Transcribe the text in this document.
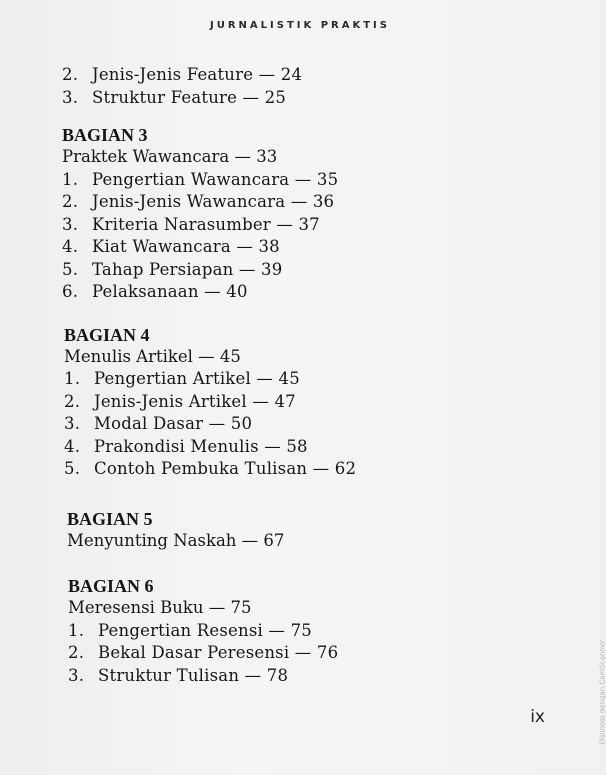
JURNALISTIK PRAKTIS
2. Jenis-Jenis Feature — 24
3. Struktur Feature — 25
BAGIAN 3
Praktek Wawancara — 33
1. Pengertian Wawancara — 35
2. Jenis-Jenis Wawancara — 36
3. Kriteria Narasumber — 37
4. Kiat Wawancara — 38
5. Tahap Persiapan — 39
6. Pelaksanaan — 40
BAGIAN 4
Menulis Artikel — 45
1. Pengertian Artikel — 45
2. Jenis-Jenis Artikel — 47
3. Modal Dasar — 50
4. Prakondisi Menulis — 58
5. Contoh Pembuka Tulisan — 62
BAGIAN 5
Menyunting Naskah — 67
BAGIAN 6
Meresensi Buku — 75
1. Pengertian Resensi — 75
2. Bekal Dasar Peresensi — 76
3. Struktur Tulisan — 78
ix	Dipindai dengan CamScanner
